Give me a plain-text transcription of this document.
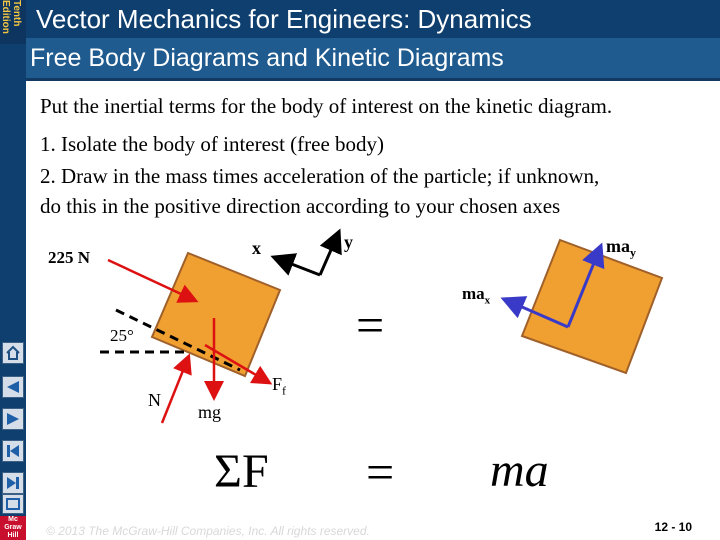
Tenth
Edition Vector Mechanics for Engineers: Dynamics
Free Body Diagrams and Kinetic Diagrams
Mc
Graw
Hill
Put the inertial terms for the body of interest on the kinetic diagram.
1. Isolate the body of interest (free body)
2. Draw in the mass times acceleration of the particle; if unknown,
do this in the positive direction according to your chosen axes
225 N	x	y
25°
N
mg
$F_f$
$ma_y$
$ma_x$
=
ΣF = ma
© 2013 The McGraw-Hill Companies, Inc. All rights reserved.	12 - 10
